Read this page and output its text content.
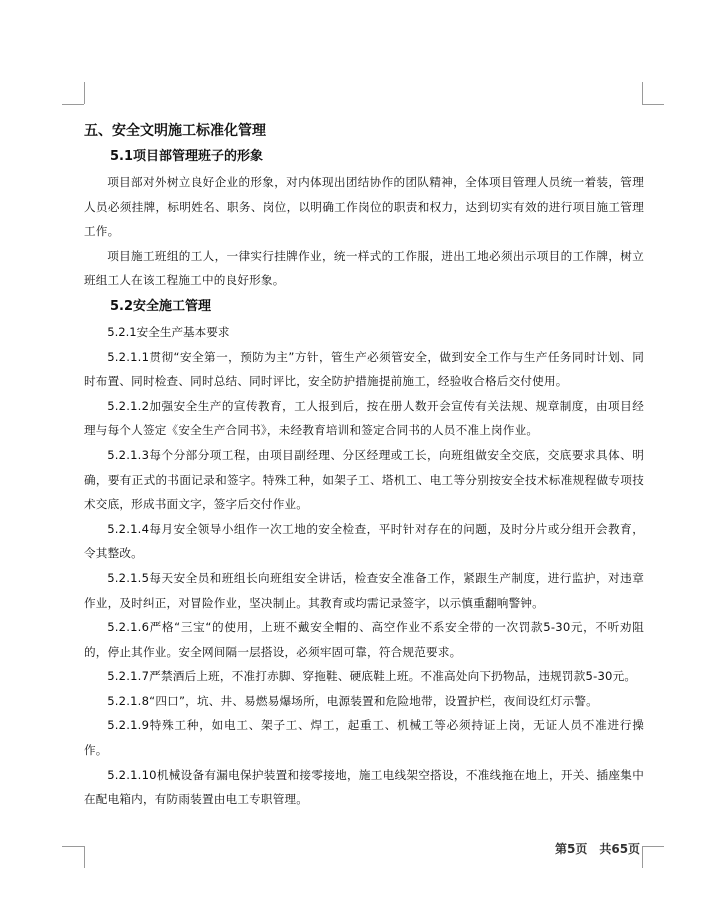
五、安全文明施工标准化管理
5.1项目部管理班子的形象

项目部对外树立良好企业的形象，对内体现出团结协作的团队精神，全体项目管理人员统一着装，管理人员必须挂牌，标明姓名、职务、岗位，以明确工作岗位的职责和权力，达到切实有效的进行项目施工管理工作。

项目施工班组的工人，一律实行挂牌作业，统一样式的工作服，进出工地必须出示项目的工作牌，树立班组工人在该工程施工中的良好形象。

5.2安全施工管理

5.2.1安全生产基本要求

5.2.1.1贯彻“安全第一，预防为主”方针，管生产必须管安全，做到安全工作与生产任务同时计划、同时布置、同时检查、同时总结、同时评比，安全防护措施提前施工，经验收合格后交付使用。

5.2.1.2加强安全生产的宣传教育，工人报到后，按在册人数开会宣传有关法规、规章制度，由项目经理与每个人签定《安全生产合同书》，未经教育培训和签定合同书的人员不准上岗作业。

5.2.1.3每个分部分项工程，由项目副经理、分区经理或工长，向班组做安全交底，交底要求具体、明确，要有正式的书面记录和签字。特殊工种，如架子工、塔机工、电工等分别按安全技术标准规程做专项技术交底，形成书面文字，签字后交付作业。

5.2.1.4每月安全领导小组作一次工地的安全检查，平时针对存在的问题，及时分片或分组开会教育，令其整改。

5.2.1.5每天安全员和班组长向班组安全讲话，检查安全准备工作，紧跟生产制度，进行监护，对违章作业，及时纠正，对冒险作业，坚决制止。其教育或均需记录签字，以示慎重翻响警钟。

5.2.1.6严格“三宝“的使用，上班不戴安全帽的、高空作业不系安全带的一次罚款5-30元，不听劝阻的，停止其作业。安全网间隔一层搭设，必须牢固可靠，符合规范要求。

5.2.1.7严禁酒后上班，不准打赤脚、穿拖鞋、硬底鞋上班。不准高处向下扔物品，违规罚款5-30元。

5.2.1.8“四口”，坑、井、易燃易爆场所，电源装置和危险地带，设置护栏，夜间设红灯示警。

5.2.1.9特殊工种，如电工、架子工、焊工，起重工、机械工等必须持证上岗，无证人员不准进行操作。

5.2.1.10机械设备有漏电保护装置和接零接地，施工电线架空搭设，不准线拖在地上，开关、插座集中在配电箱内，有防雨装置由电工专职管理。

第5页　共65页
